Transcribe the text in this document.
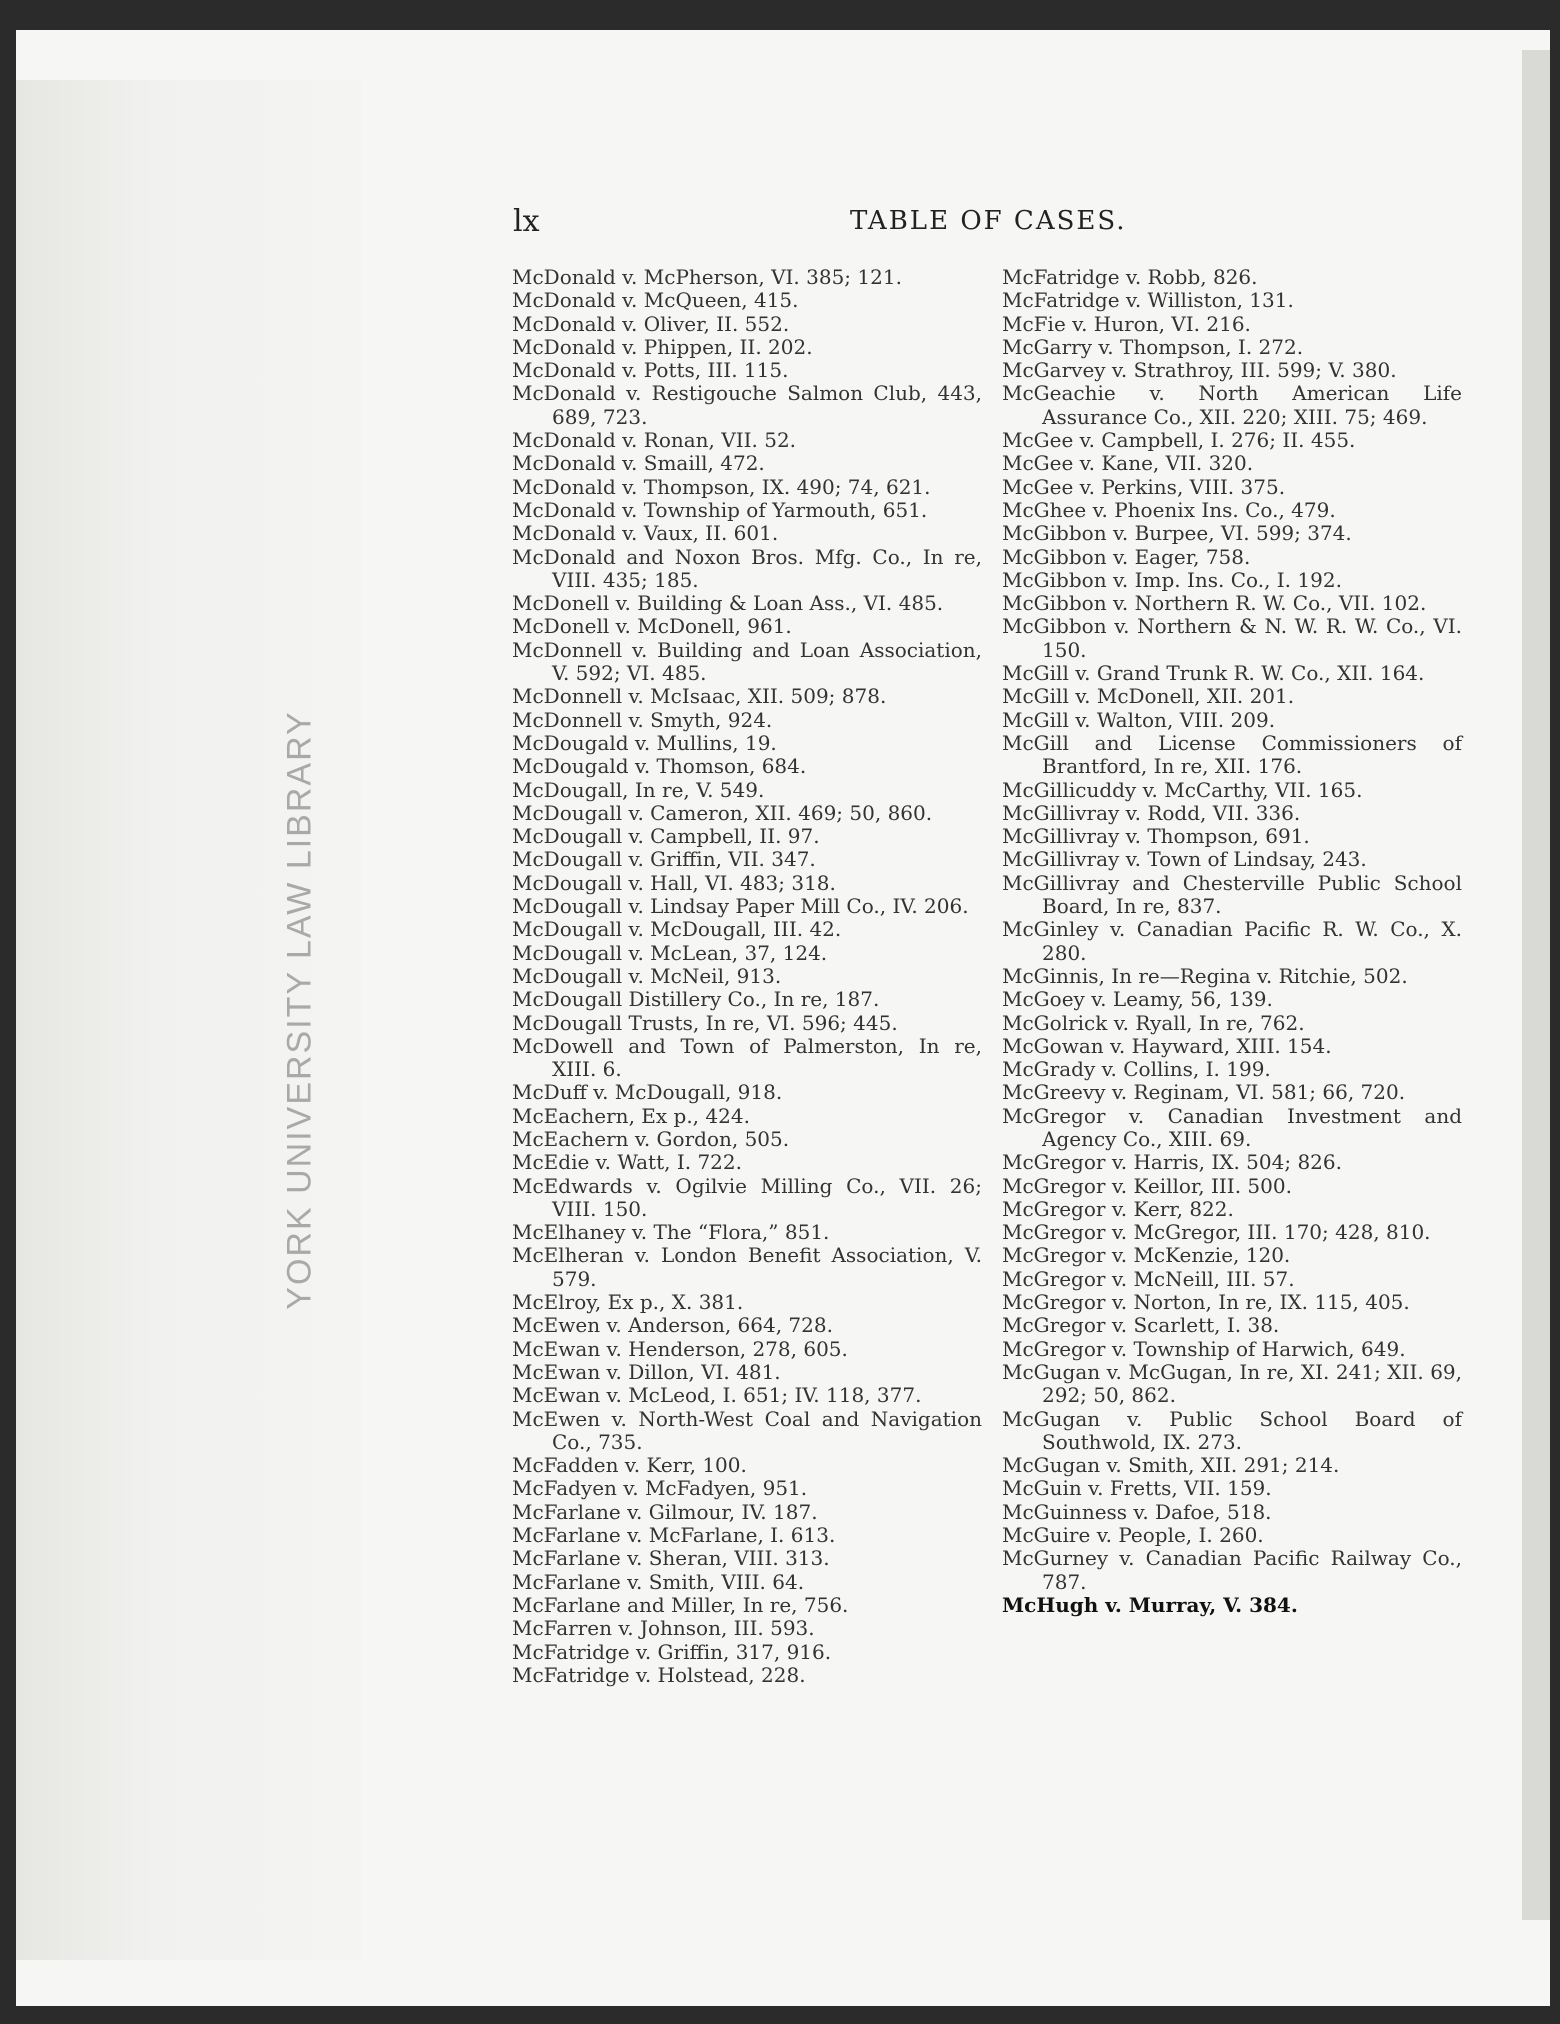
YORK UNIVERSITY LAW LIBRARY
lx	TABLE OF CASES.
McDonald v. McPherson, VI. 385; 121.
McDonald v. McQueen, 415.
McDonald v. Oliver, II. 552.
McDonald v. Phippen, II. 202.
McDonald v. Potts, III. 115.
McDonald v. Restigouche Salmon Club, 443, 689, 723.
McDonald v. Ronan, VII. 52.
McDonald v. Smaill, 472.
McDonald v. Thompson, IX. 490; 74, 621.
McDonald v. Township of Yarmouth, 651.
McDonald v. Vaux, II. 601.
McDonald and Noxon Bros. Mfg. Co., In re, VIII. 435; 185.
McDonell v. Building & Loan Ass., VI. 485.
McDonell v. McDonell, 961.
McDonnell v. Building and Loan Association, V. 592; VI. 485.
McDonnell v. McIsaac, XII. 509; 878.
McDonnell v. Smyth, 924.
McDougald v. Mullins, 19.
McDougald v. Thomson, 684.
McDougall, In re, V. 549.
McDougall v. Cameron, XII. 469; 50, 860.
McDougall v. Campbell, II. 97.
McDougall v. Griffin, VII. 347.
McDougall v. Hall, VI. 483; 318.
McDougall v. Lindsay Paper Mill Co., IV. 206.
McDougall v. McDougall, III. 42.
McDougall v. McLean, 37, 124.
McDougall v. McNeil, 913.
McDougall Distillery Co., In re, 187.
McDougall Trusts, In re, VI. 596; 445.
McDowell and Town of Palmerston, In re, XIII. 6.
McDuff v. McDougall, 918.
McEachern, Ex p., 424.
McEachern v. Gordon, 505.
McEdie v. Watt, I. 722.
McEdwards v. Ogilvie Milling Co., VII. 26; VIII. 150.
McElhaney v. The “Flora,” 851.
McElheran v. London Benefit Association, V. 579.
McElroy, Ex p., X. 381.
McEwen v. Anderson, 664, 728.
McEwan v. Henderson, 278, 605.
McEwan v. Dillon, VI. 481.
McEwan v. McLeod, I. 651; IV. 118, 377.
McEwen v. North-West Coal and Navigation Co., 735.
McFadden v. Kerr, 100.
McFadyen v. McFadyen, 951.
McFarlane v. Gilmour, IV. 187.
McFarlane v. McFarlane, I. 613.
McFarlane v. Sheran, VIII. 313.
McFarlane v. Smith, VIII. 64.
McFarlane and Miller, In re, 756.
McFarren v. Johnson, III. 593.
McFatridge v. Griffin, 317, 916.
McFatridge v. Holstead, 228.
McFatridge v. Robb, 826.
McFatridge v. Williston, 131.
McFie v. Huron, VI. 216.
McGarry v. Thompson, I. 272.
McGarvey v. Strathroy, III. 599; V. 380.
McGeachie v. North American Life Assurance Co., XII. 220; XIII. 75; 469.
McGee v. Campbell, I. 276; II. 455.
McGee v. Kane, VII. 320.
McGee v. Perkins, VIII. 375.
McGhee v. Phoenix Ins. Co., 479.
McGibbon v. Burpee, VI. 599; 374.
McGibbon v. Eager, 758.
McGibbon v. Imp. Ins. Co., I. 192.
McGibbon v. Northern R. W. Co., VII. 102.
McGibbon v. Northern & N. W. R. W. Co., VI. 150.
McGill v. Grand Trunk R. W. Co., XII. 164.
McGill v. McDonell, XII. 201.
McGill v. Walton, VIII. 209.
McGill and License Commissioners of Brantford, In re, XII. 176.
McGillicuddy v. McCarthy, VII. 165.
McGillivray v. Rodd, VII. 336.
McGillivray v. Thompson, 691.
McGillivray v. Town of Lindsay, 243.
McGillivray and Chesterville Public School Board, In re, 837.
McGinley v. Canadian Pacific R. W. Co., X. 280.
McGinnis, In re—Regina v. Ritchie, 502.
McGoey v. Leamy, 56, 139.
McGolrick v. Ryall, In re, 762.
McGowan v. Hayward, XIII. 154.
McGrady v. Collins, I. 199.
McGreevy v. Reginam, VI. 581; 66, 720.
McGregor v. Canadian Investment and Agency Co., XIII. 69.
McGregor v. Harris, IX. 504; 826.
McGregor v. Keillor, III. 500.
McGregor v. Kerr, 822.
McGregor v. McGregor, III. 170; 428, 810.
McGregor v. McKenzie, 120.
McGregor v. McNeill, III. 57.
McGregor v. Norton, In re, IX. 115, 405.
McGregor v. Scarlett, I. 38.
McGregor v. Township of Harwich, 649.
McGugan v. McGugan, In re, XI. 241; XII. 69, 292; 50, 862.
McGugan v. Public School Board of Southwold, IX. 273.
McGugan v. Smith, XII. 291; 214.
McGuin v. Fretts, VII. 159.
McGuinness v. Dafoe, 518.
McGuire v. People, I. 260.
McGurney v. Canadian Pacific Railway Co., 787.
McHugh v. Murray, V. 384.
